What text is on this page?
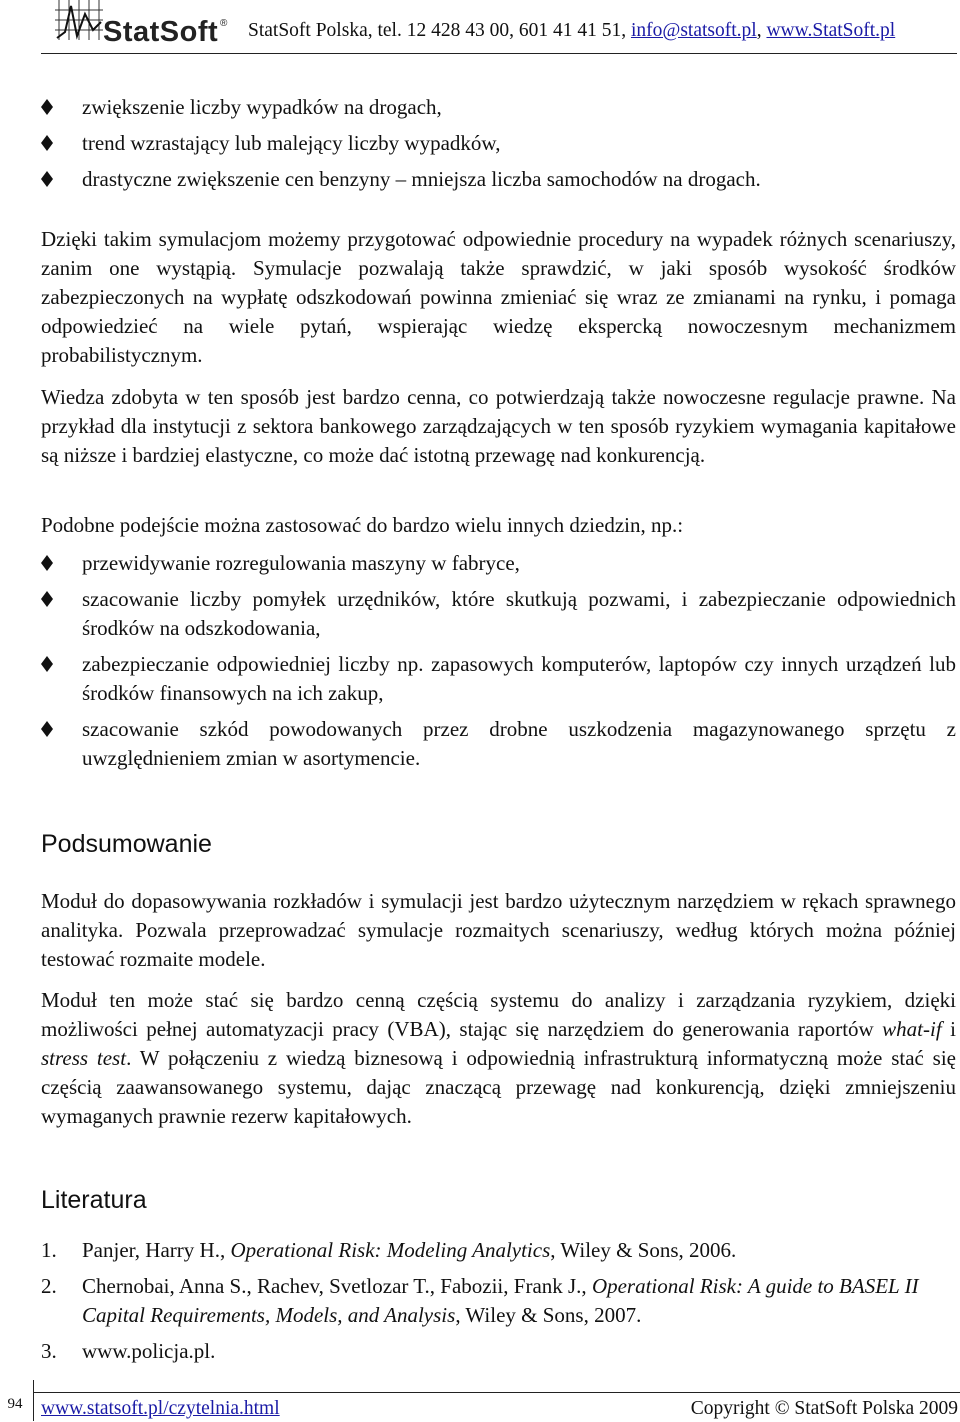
StatSoft ® StatSoft Polska, tel. 12 428 43 00, 601 41 41 51, info@statsoft.pl, www.StatSoft.pl
zwiększenie liczby wypadków na drogach,
trend wzrastający lub malejący liczby wypadków,
drastyczne zwiększenie cen benzyny – mniejsza liczba samochodów na drogach.
Dzięki takim symulacjom możemy przygotować odpowiednie procedury na wypadek różnych scenariuszy, zanim one wystąpią. Symulacje pozwalają także sprawdzić, w jaki sposób wysokość środków zabezpieczonych na wypłatę odszkodowań powinna zmieniać się wraz ze zmianami na rynku, i pomaga odpowiedzieć na wiele pytań, wspierając wiedzę ekspercką nowoczesnym mechanizmem probabilistycznym.
Wiedza zdobyta w ten sposób jest bardzo cenna, co potwierdzają także nowoczesne regulacje prawne. Na przykład dla instytucji z sektora bankowego zarządzających w ten sposób ryzykiem wymagania kapitałowe są niższe i bardziej elastyczne, co może dać istotną przewagę nad konkurencją.
Podobne podejście można zastosować do bardzo wielu innych dziedzin, np.:
przewidywanie rozregulowania maszyny w fabryce,
szacowanie liczby pomyłek urzędników, które skutkują pozwami, i zabezpieczanie odpowiednich środków na odszkodowania,
zabezpieczanie odpowiedniej liczby np. zapasowych komputerów, laptopów czy innych urządzeń lub środków finansowych na ich zakup,
szacowanie szkód powodowanych przez drobne uszkodzenia magazynowanego sprzętu z uwzględnieniem zmian w asortymencie.
Podsumowanie
Moduł do dopasowywania rozkładów i symulacji jest bardzo użytecznym narzędziem w rękach sprawnego analityka. Pozwala przeprowadzać symulacje rozmaitych scenariuszy, według których można później testować rozmaite modele.
Moduł ten może stać się bardzo cenną częścią systemu do analizy i zarządzania ryzykiem, dzięki możliwości pełnej automatyzacji pracy (VBA), stając się narzędziem do generowania raportów what-if i stress test. W połączeniu z wiedzą biznesową i odpowiednią infrastrukturą informatyczną może stać się częścią zaawansowanego systemu, dając znaczącą przewagę nad konkurencją, dzięki zmniejszeniu wymaganych prawnie rezerw kapitałowych.
Literatura
1. Panjer, Harry H., Operational Risk: Modeling Analytics, Wiley & Sons, 2006.
2. Chernobai, Anna S., Rachev, Svetlozar T., Fabozii, Frank J., Operational Risk: A guide to BASEL II Capital Requirements, Models, and Analysis, Wiley & Sons, 2007.
3. www.policja.pl.
94 www.statsoft.pl/czytelnia.html	Copyright © StatSoft Polska 2009
